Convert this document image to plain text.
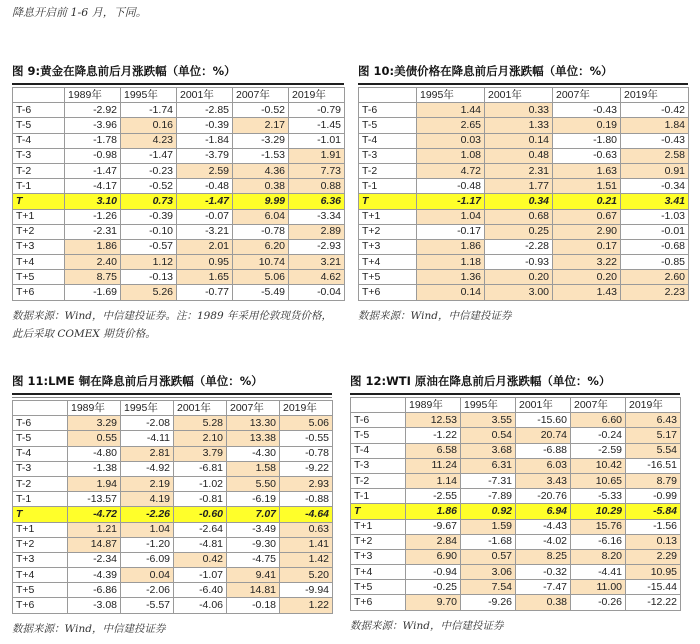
降息开启前 1-6 月，下同。
图 9:黄金在降息前后月涨跌幅（单位：%）
	1989年	1995年	2001年	2007年	2019年
T-6	-2.92	-1.74	-2.85	-0.52	-0.79
T-5	-3.96	0.16	-0.39	2.17	-1.45
T-4	-1.78	4.23	-1.84	-3.29	-1.01
T-3	-0.98	-1.47	-3.79	-1.53	1.91
T-2	-1.47	-0.23	2.59	4.36	7.73
T-1	-4.17	-0.52	-0.48	0.38	0.88
T	3.10	0.73	-1.47	9.99	6.36
T+1	-1.26	-0.39	-0.07	6.04	-3.34
T+2	-2.31	-0.10	-3.21	-0.78	2.89
T+3	1.86	-0.57	2.01	6.20	-2.93
T+4	2.40	1.12	0.95	10.74	3.21
T+5	8.75	-0.13	1.65	5.06	4.62
T+6	-1.69	5.26	-0.77	-5.49	-0.04
数据来源：Wind，中信建投证券。注：1989 年采用伦敦现货价格，
此后采取 COMEX 期货价格。
图 10:美债价格在降息前后月涨跌幅（单位：%）
	1995年	2001年	2007年	2019年
T-6	1.44	0.33	-0.43	-0.42
T-5	2.65	1.33	0.19	1.84
T-4	0.03	0.14	-1.80	-0.43
T-3	1.08	0.48	-0.63	2.58
T-2	4.72	2.31	1.63	0.91
T-1	-0.48	1.77	1.51	-0.34
T	-1.17	0.34	0.21	3.41
T+1	1.04	0.68	0.67	-1.03
T+2	-0.17	0.25	2.90	-0.01
T+3	1.86	-2.28	0.17	-0.68
T+4	1.18	-0.93	3.22	-0.85
T+5	1.36	0.20	0.20	2.60
T+6	0.14	3.00	1.43	2.23
数据来源：Wind，中信建投证券
图 11:LME 铜在降息前后月涨跌幅（单位：%）
	1989年	1995年	2001年	2007年	2019年
T-6	3.29	-2.08	5.28	13.30	5.06
T-5	0.55	-4.11	2.10	13.38	-0.55
T-4	-4.80	2.81	3.79	-4.30	-0.78
T-3	-1.38	-4.92	-6.81	1.58	-9.22
T-2	1.94	2.19	-1.02	5.50	2.93
T-1	-13.57	4.19	-0.81	-6.19	-0.88
T	-4.72	-2.26	-0.60	7.07	-4.64
T+1	1.21	1.04	-2.64	-3.49	0.63
T+2	14.87	-1.20	-4.81	-9.30	1.41
T+3	-2.34	-6.09	0.42	-4.75	1.42
T+4	-4.39	0.04	-1.07	9.41	5.20
T+5	-6.86	-2.06	-6.40	14.81	-9.94
T+6	-3.08	-5.57	-4.06	-0.18	1.22
数据来源：Wind，中信建投证券
图 12:WTI 原油在降息前后月涨跌幅（单位：%）
	1989年	1995年	2001年	2007年	2019年
T-6	12.53	3.55	-15.60	6.60	6.43
T-5	-1.22	0.54	20.74	-0.24	5.17
T-4	6.58	3.68	-6.88	-2.59	5.54
T-3	11.24	6.31	6.03	10.42	-16.51
T-2	1.14	-7.31	3.43	10.65	8.79
T-1	-2.55	-7.89	-20.76	-5.33	-0.99
T	1.86	0.92	6.94	10.29	-5.84
T+1	-9.67	1.59	-4.43	15.76	-1.56
T+2	2.84	-1.68	-4.02	-6.16	0.13
T+3	6.90	0.57	8.25	8.20	2.29
T+4	-0.94	3.06	-0.32	-4.41	10.95
T+5	-0.25	7.54	-7.47	11.00	-15.44
T+6	9.70	-9.26	0.38	-0.26	-12.22
数据来源：Wind，中信建投证券
